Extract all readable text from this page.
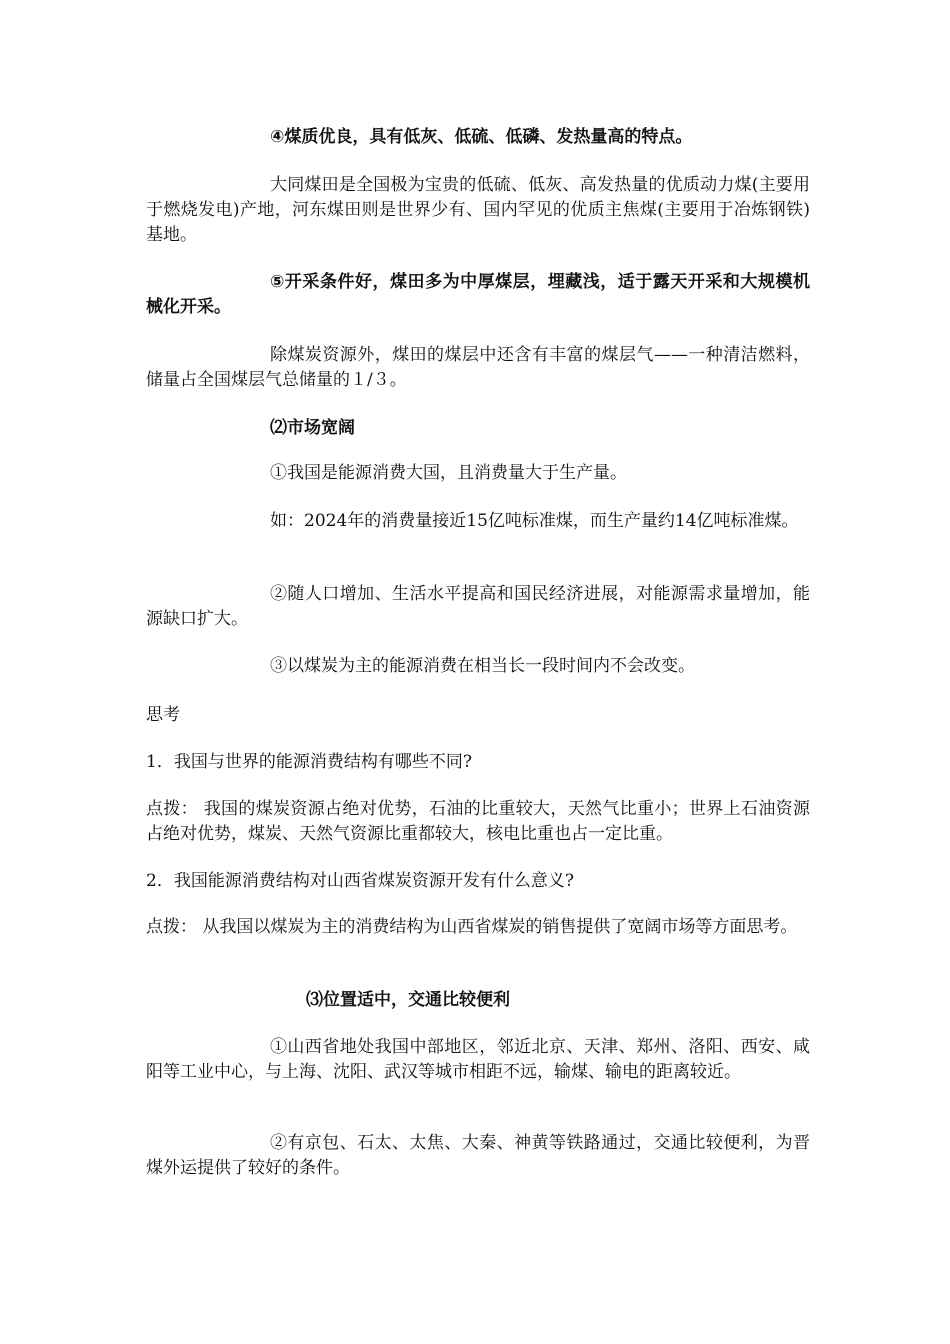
④煤质优良，具有低灰、低硫、低磷、发热量高的特点。

大同煤田是全国极为宝贵的低硫、低灰、高发热量的优质动力煤(主要用于燃烧发电)产地，河东煤田则是世界少有、国内罕见的优质主焦煤(主要用于冶炼钢铁)基地。

⑤开采条件好，煤田多为中厚煤层，埋藏浅，适于露天开采和大规模机械化开采。

除煤炭资源外，煤田的煤层中还含有丰富的煤层气——一种清洁燃料，储量占全国煤层气总储量的１/３。

⑵市场宽阔

①我国是能源消费大国，且消费量大于生产量。

如：2024年的消费量接近15亿吨标准煤，而生产量约14亿吨标准煤。

②随人口增加、生活水平提高和国民经济进展，对能源需求量增加，能源缺口扩大。

③以煤炭为主的能源消费在相当长一段时间内不会改变。

思考

1．我国与世界的能源消费结构有哪些不同?

点拨： 我国的煤炭资源占绝对优势，石油的比重较大，天然气比重小；世界上石油资源占绝对优势，煤炭、天然气资源比重都较大，核电比重也占一定比重。

2．我国能源消费结构对山西省煤炭资源开发有什么意义?

点拨： 从我国以煤炭为主的消费结构为山西省煤炭的销售提供了宽阔市场等方面思考。

⑶位置适中，交通比较便利

①山西省地处我国中部地区，邻近北京、天津、郑州、洛阳、西安、咸阳等工业中心，与上海、沈阳、武汉等城市相距不远，输煤、输电的距离较近。

②有京包、石太、太焦、大秦、神黄等铁路通过，交通比较便利，为晋煤外运提供了较好的条件。
